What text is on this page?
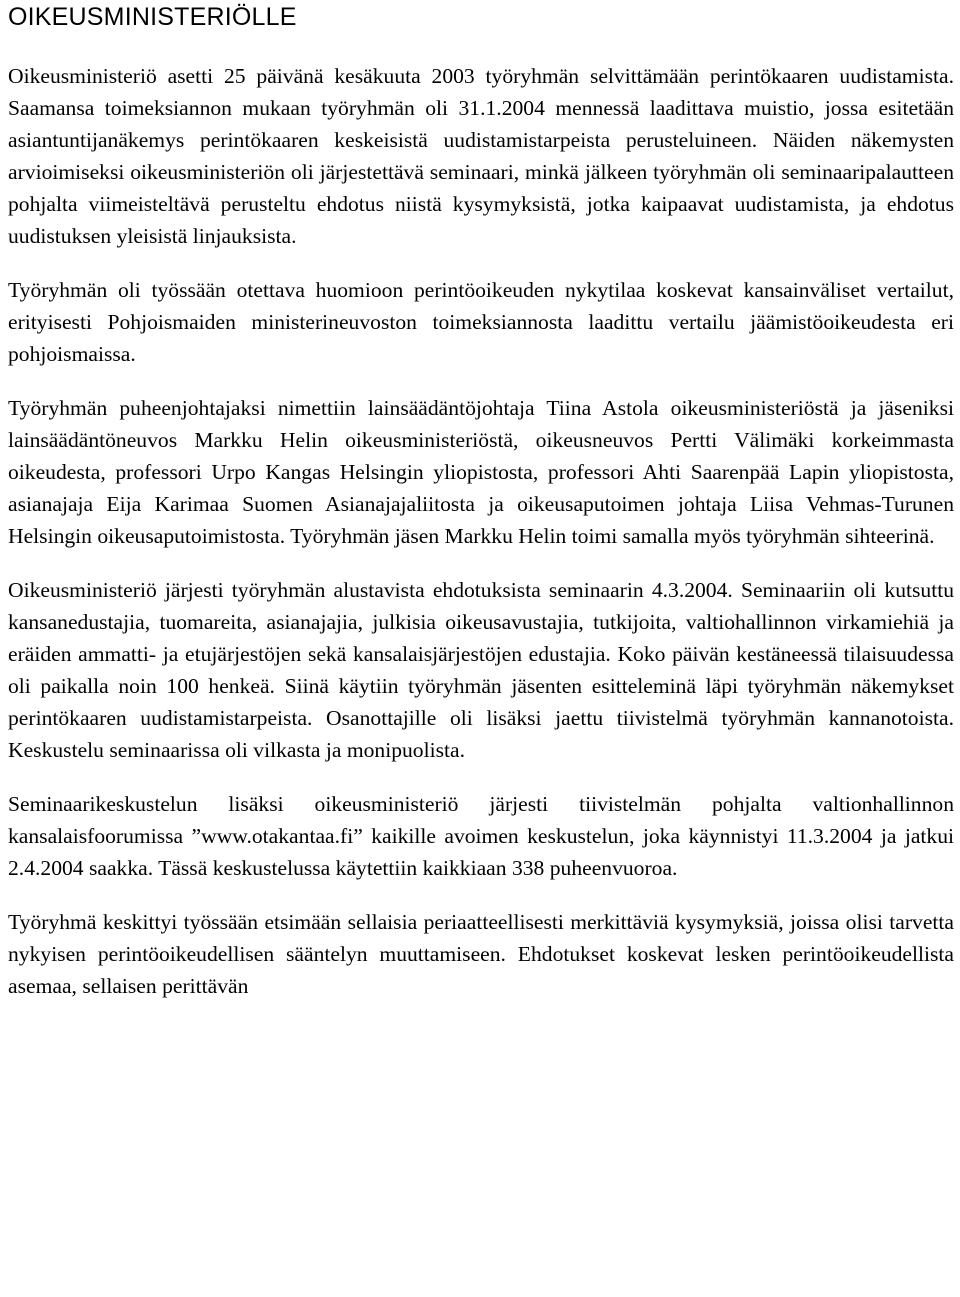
OIKEUSMINISTERIÖLLE

Oikeusministeriö asetti 25 päivänä kesäkuuta 2003 työryhmän selvittämään perintökaaren uudistamista. Saamansa toimeksiannon mukaan työryhmän oli 31.1.2004 mennessä laadittava muistio, jossa esitetään asiantuntijanäkemys perintökaaren keskeisistä uudistamistarpeista perusteluineen. Näiden näkemysten arvioimiseksi oikeusministeriön oli järjestettävä seminaari, minkä jälkeen työryhmän oli seminaaripalautteen pohjalta viimeisteltävä perusteltu ehdotus niistä kysymyksistä, jotka kaipaavat uudistamista, ja ehdotus uudistuksen yleisistä linjauksista.

Työryhmän oli työssään otettava huomioon perintöoikeuden nykytilaa koskevat kansainväliset vertailut, erityisesti Pohjoismaiden ministerineuvoston toimeksiannosta laadittu vertailu jäämistöoikeudesta eri pohjoismaissa.

Työryhmän puheenjohtajaksi nimettiin lainsäädäntöjohtaja Tiina Astola oikeusministeriöstä ja jäseniksi lainsäädäntöneuvos Markku Helin oikeusministeriöstä, oikeusneuvos Pertti Välimäki korkeimmasta oikeudesta, professori Urpo Kangas Helsingin yliopistosta, professori Ahti Saarenpää Lapin yliopistosta, asianajaja Eija Karimaa Suomen Asianajajaliitosta ja oikeusaputoimen johtaja Liisa Vehmas-Turunen Helsingin oikeusaputoimistosta. Työryhmän jäsen Markku Helin toimi samalla myös työryhmän sihteerinä.

Oikeusministeriö järjesti työryhmän alustavista ehdotuksista seminaarin 4.3.2004. Seminaariin oli kutsuttu kansanedustajia, tuomareita, asianajajia, julkisia oikeusavustajia, tutkijoita, valtiohallinnon virkamiehiä ja eräiden ammatti- ja etujärjestöjen sekä kansalaisjärjestöjen edustajia. Koko päivän kestäneessä tilaisuudessa oli paikalla noin 100 henkeä. Siinä käytiin työryhmän jäsenten esitteleminä läpi työryhmän näkemykset perintökaaren uudistamistarpeista. Osanottajille oli lisäksi jaettu tiivistelmä työryhmän kannanotoista. Keskustelu seminaarissa oli vilkasta ja monipuolista.

Seminaarikeskustelun lisäksi oikeusministeriö järjesti tiivistelmän pohjalta valtionhallinnon kansalaisfoorumissa ”www.otakantaa.fi” kaikille avoimen keskustelun, joka käynnistyi 11.3.2004 ja jatkui 2.4.2004 saakka. Tässä keskustelussa käytettiin kaikkiaan 338 puheenvuoroa.

Työryhmä keskittyi työssään etsimään sellaisia periaatteellisesti merkittäviä kysymyksiä, joissa olisi tarvetta nykyisen perintöoikeudellisen sääntelyn muuttamiseen. Ehdotukset koskevat lesken perintöoikeudellista asemaa, sellaisen perittävän
